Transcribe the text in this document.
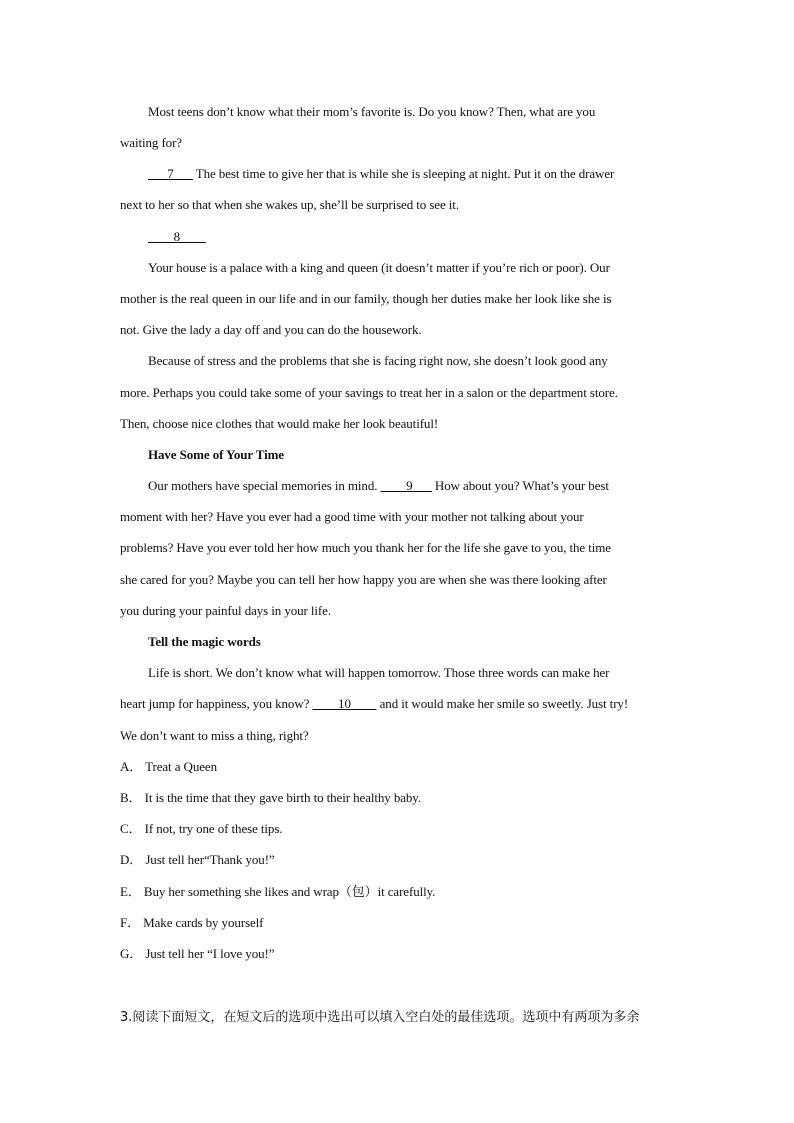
Most teens don’t know what their mom’s favorite is. Do you know? Then, what are you
waiting for?
___7___ The best time to give her that is while she is sleeping at night. Put it on the drawer
next to her so that when she wakes up, she’ll be surprised to see it.
____8____
Your house is a palace with a king and queen (it doesn’t matter if you’re rich or poor). Our
mother is the real queen in our life and in our family, though her duties make her look like she is
not. Give the lady a day off and you can do the housework.
Because of stress and the problems that she is facing right now, she doesn’t look good any
more. Perhaps you could take some of your savings to treat her in a salon or the department store.
Then, choose nice clothes that would make her look beautiful!
Have Some of Your Time
Our mothers have special memories in mind. ____9___ How about you? What’s your best
moment with her? Have you ever had a good time with your mother not talking about your
problems? Have you ever told her how much you thank her for the life she gave to you, the time
she cared for you? Maybe you can tell her how happy you are when she was there looking after
you during your painful days in your life.
Tell the magic words
Life is short. We don’t know what will happen tomorrow. Those three words can make her
heart jump for happiness, you know? ____10____ and it would make her smile so sweetly. Just try!
We don’t want to miss a thing, right?
A． Treat a Queen
B． It is the time that they gave birth to their healthy baby.
C． If not, try one of these tips.
D． Just tell her“Thank you!”
E． Buy her something she likes and wrap（包）it carefully.
F． Make cards by yourself
G． Just tell her “I love you!”
3.阅读下面短文，在短文后的选项中选出可以填入空白处的最佳选项。选项中有两项为多余
